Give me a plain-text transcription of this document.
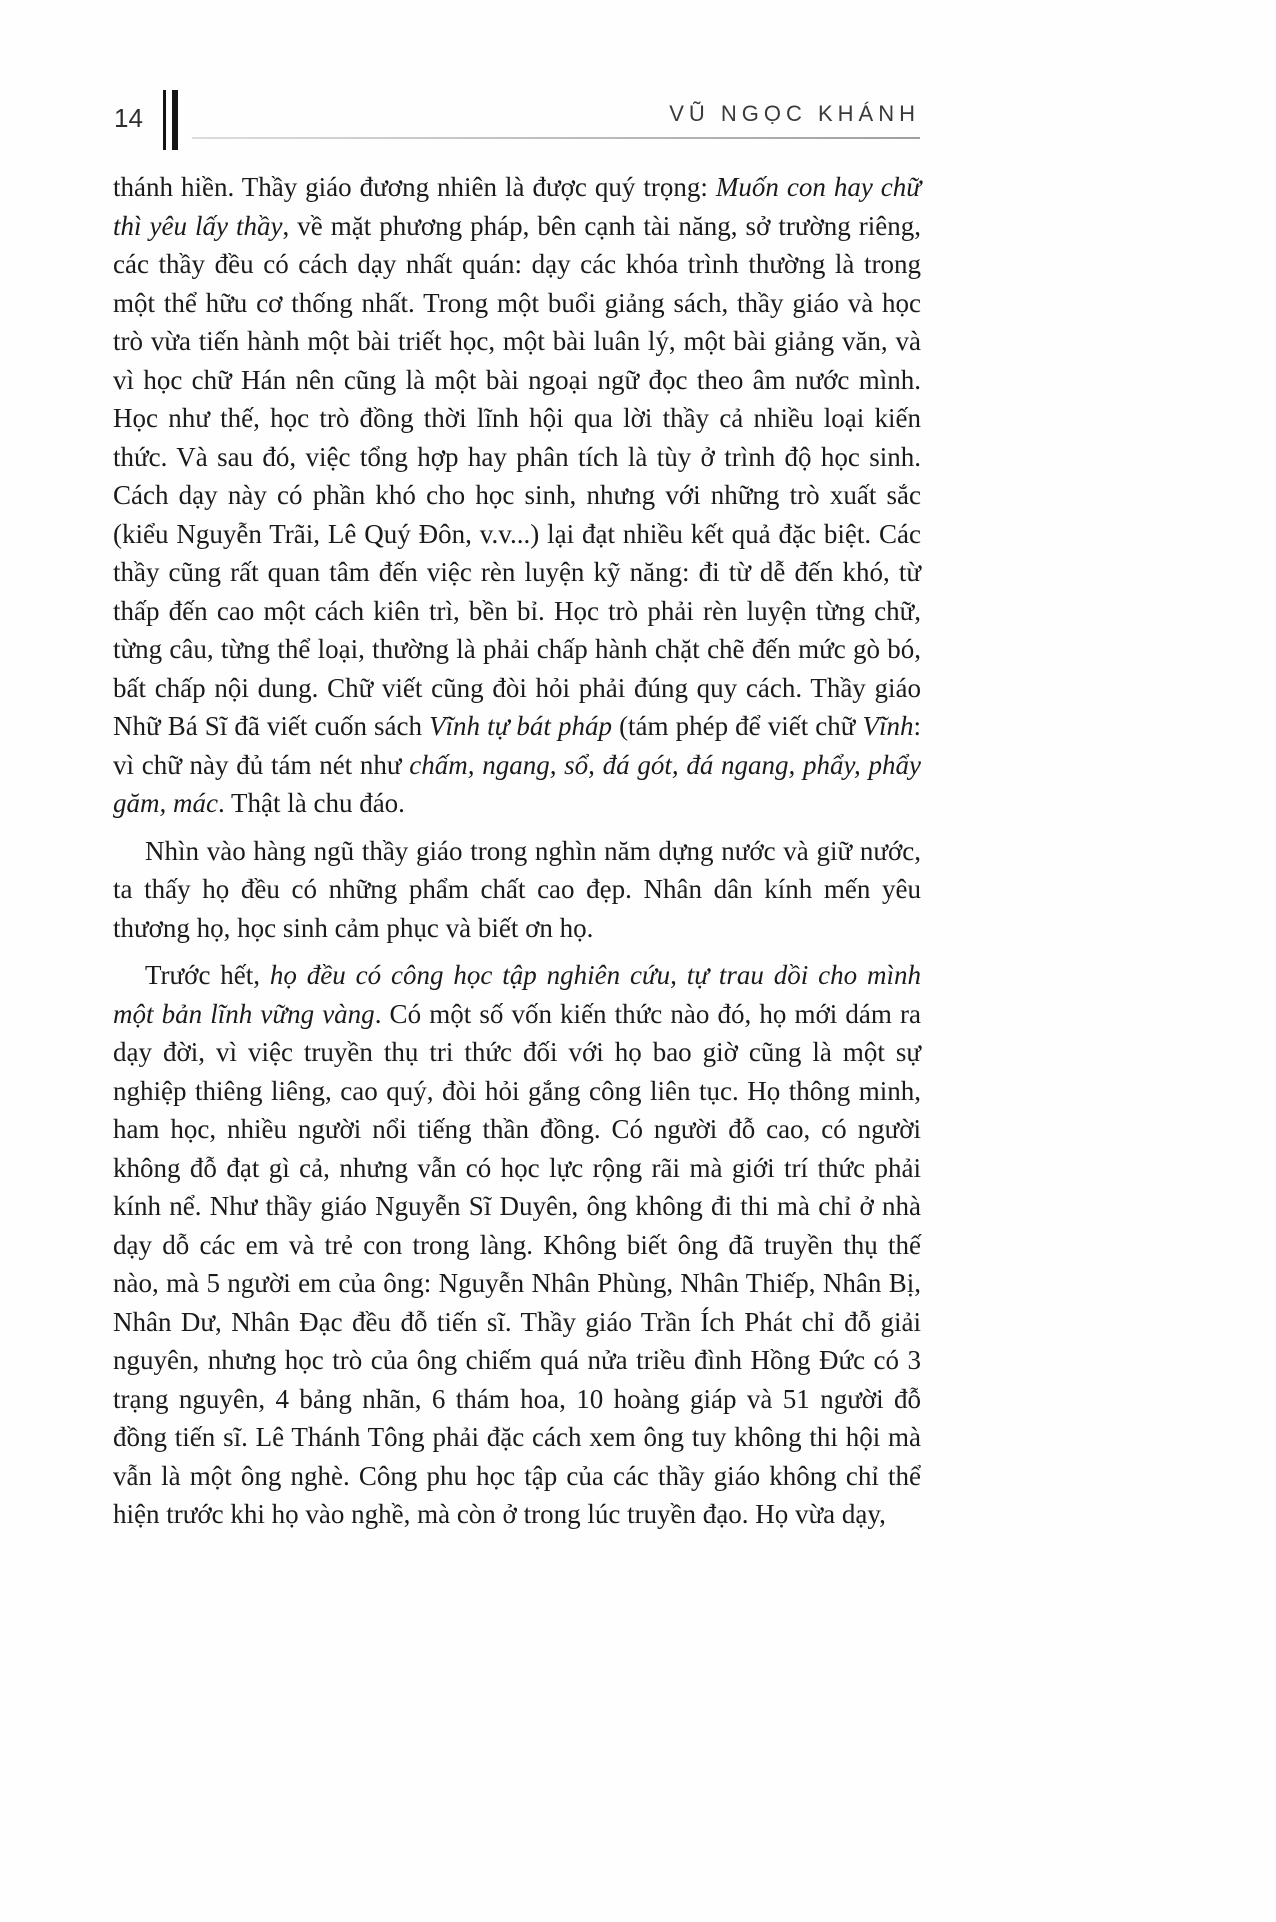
14	VŨ NGỌC KHÁNH

thánh hiền. Thầy giáo đương nhiên là được quý trọng: Muốn con hay chữ thì yêu lấy thầy, về mặt phương pháp, bên cạnh tài năng, sở trường riêng, các thầy đều có cách dạy nhất quán: dạy các khóa trình thường là trong một thể hữu cơ thống nhất. Trong một buổi giảng sách, thầy giáo và học trò vừa tiến hành một bài triết học, một bài luân lý, một bài giảng văn, và vì học chữ Hán nên cũng là một bài ngoại ngữ đọc theo âm nước mình. Học như thế, học trò đồng thời lĩnh hội qua lời thầy cả nhiều loại kiến thức. Và sau đó, việc tổng hợp hay phân tích là tùy ở trình độ học sinh. Cách dạy này có phần khó cho học sinh, nhưng với những trò xuất sắc (kiểu Nguyễn Trãi, Lê Quý Đôn, v.v...) lại đạt nhiều kết quả đặc biệt. Các thầy cũng rất quan tâm đến việc rèn luyện kỹ năng: đi từ dễ đến khó, từ thấp đến cao một cách kiên trì, bền bỉ. Học trò phải rèn luyện từng chữ, từng câu, từng thể loại, thường là phải chấp hành chặt chẽ đến mức gò bó, bất chấp nội dung. Chữ viết cũng đòi hỏi phải đúng quy cách. Thầy giáo Nhữ Bá Sĩ đã viết cuốn sách Vĩnh tự bát pháp (tám phép để viết chữ Vĩnh: vì chữ này đủ tám nét như chấm, ngang, sổ, đá gót, đá ngang, phẩy, phẩy găm, mác. Thật là chu đáo.

Nhìn vào hàng ngũ thầy giáo trong nghìn năm dựng nước và giữ nước, ta thấy họ đều có những phẩm chất cao đẹp. Nhân dân kính mến yêu thương họ, học sinh cảm phục và biết ơn họ.

Trước hết, họ đều có công học tập nghiên cứu, tự trau dồi cho mình một bản lĩnh vững vàng. Có một số vốn kiến thức nào đó, họ mới dám ra dạy đời, vì việc truyền thụ tri thức đối với họ bao giờ cũng là một sự nghiệp thiêng liêng, cao quý, đòi hỏi gắng công liên tục. Họ thông minh, ham học, nhiều người nổi tiếng thần đồng. Có người đỗ cao, có người không đỗ đạt gì cả, nhưng vẫn có học lực rộng rãi mà giới trí thức phải kính nể. Như thầy giáo Nguyễn Sĩ Duyên, ông không đi thi mà chỉ ở nhà dạy dỗ các em và trẻ con trong làng. Không biết ông đã truyền thụ thế nào, mà 5 người em của ông: Nguyễn Nhân Phùng, Nhân Thiếp, Nhân Bị, Nhân Dư, Nhân Đạc đều đỗ tiến sĩ. Thầy giáo Trần Ích Phát chỉ đỗ giải nguyên, nhưng học trò của ông chiếm quá nửa triều đình Hồng Đức có 3 trạng nguyên, 4 bảng nhãn, 6 thám hoa, 10 hoàng giáp và 51 người đỗ đồng tiến sĩ. Lê Thánh Tông phải đặc cách xem ông tuy không thi hội mà vẫn là một ông nghè. Công phu học tập của các thầy giáo không chỉ thể hiện trước khi họ vào nghề, mà còn ở trong lúc truyền đạo. Họ vừa dạy,
